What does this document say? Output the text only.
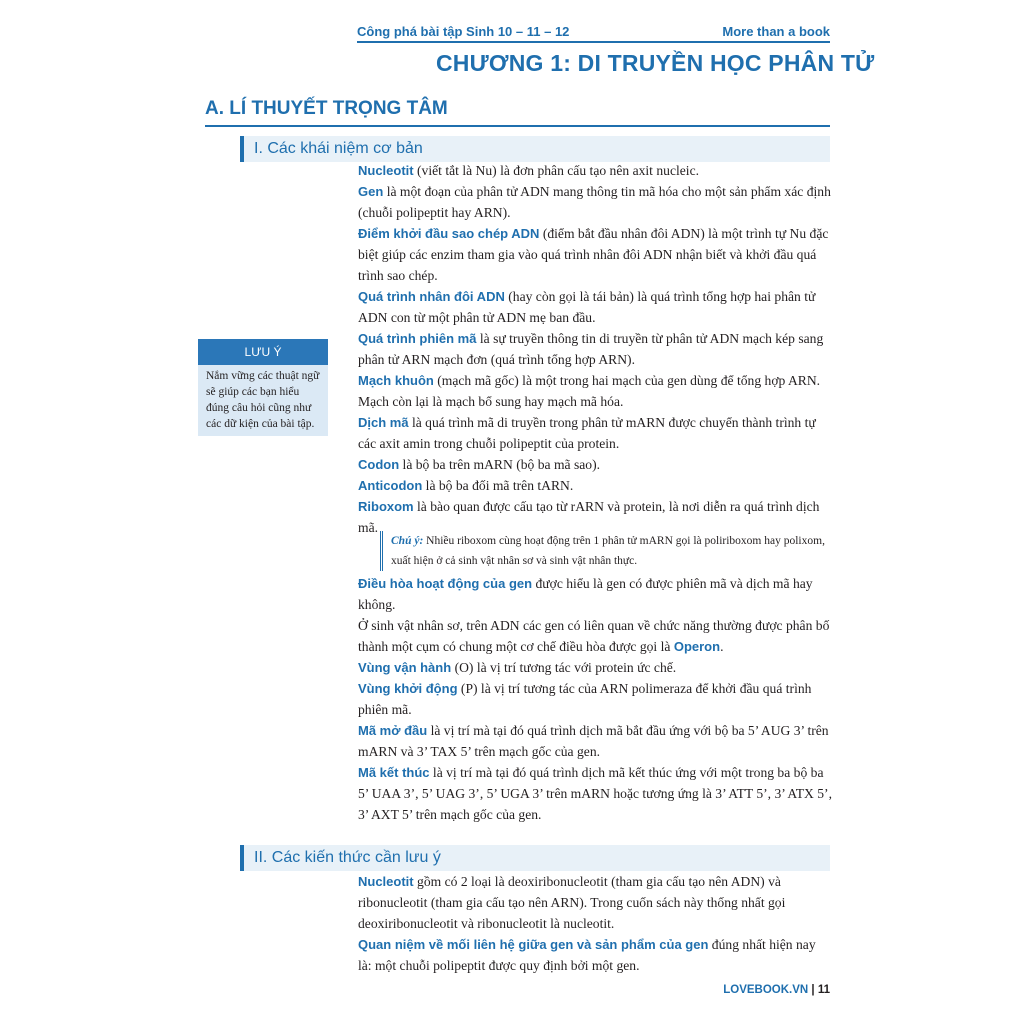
Công phá bài tập Sinh 10 – 11 – 12	More than a book
CHƯƠNG 1: DI TRUYỀN HỌC PHÂN TỬ
A. LÍ THUYẾT TRỌNG TÂM
I. Các khái niệm cơ bản
LƯU Ý
Nắm vững các thuật ngữ sẽ giúp các bạn hiểu đúng câu hỏi cũng như các dữ kiện của bài tập.

Nucleotit (viết tắt là Nu) là đơn phân cấu tạo nên axit nucleic.

Gen là một đoạn của phân tử ADN mang thông tin mã hóa cho một sản phẩm xác định (chuỗi polipeptit hay ARN).

Điểm khởi đầu sao chép ADN (điểm bắt đầu nhân đôi ADN) là một trình tự Nu đặc biệt giúp các enzim tham gia vào quá trình nhân đôi ADN nhận biết và khởi đầu quá trình sao chép.

Quá trình nhân đôi ADN (hay còn gọi là tái bản) là quá trình tổng hợp hai phân tử ADN con từ một phân tử ADN mẹ ban đầu.

Quá trình phiên mã là sự truyền thông tin di truyền từ phân tử ADN mạch kép sang phân tử ARN mạch đơn (quá trình tổng hợp ARN).

Mạch khuôn (mạch mã gốc) là một trong hai mạch của gen dùng để tổng hợp ARN. Mạch còn lại là mạch bổ sung hay mạch mã hóa.

Dịch mã là quá trình mã di truyền trong phân tử mARN được chuyển thành trình tự các axit amin trong chuỗi polipeptit của protein.

Codon là bộ ba trên mARN (bộ ba mã sao).

Anticodon là bộ ba đối mã trên tARN.

Riboxom là bào quan được cấu tạo từ rARN và protein, là nơi diễn ra quá trình dịch mã.

Chú ý: Nhiều riboxom cùng hoạt động trên 1 phân tử mARN gọi là poliriboxom hay polixom, xuất hiện ở cả sinh vật nhân sơ và sinh vật nhân thực.

Điều hòa hoạt động của gen được hiểu là gen có được phiên mã và dịch mã hay không.

Ở sinh vật nhân sơ, trên ADN các gen có liên quan về chức năng thường được phân bố thành một cụm có chung một cơ chế điều hòa được gọi là Operon.

Vùng vận hành (O) là vị trí tương tác với protein ức chế.

Vùng khởi động (P) là vị trí tương tác của ARN polimeraza để khởi đầu quá trình phiên mã.

Mã mở đầu là vị trí mà tại đó quá trình dịch mã bắt đầu ứng với bộ ba 5’ AUG 3’ trên mARN và 3’ TAX 5’ trên mạch gốc của gen.

Mã kết thúc là vị trí mà tại đó quá trình dịch mã kết thúc ứng với một trong ba bộ ba 5’ UAA 3’, 5’ UAG 3’, 5’ UGA 3’ trên mARN hoặc tương ứng là 3’ ATT 5’, 3’ ATX 5’, 3’ AXT 5’ trên mạch gốc của gen.

II. Các kiến thức cần lưu ý

Nucleotit gồm có 2 loại là deoxiribonucleotit (tham gia cấu tạo nên ADN) và ribonucleotit (tham gia cấu tạo nên ARN). Trong cuốn sách này thống nhất gọi deoxiribonucleotit và ribonucleotit là nucleotit.

Quan niệm về mối liên hệ giữa gen và sản phẩm của gen đúng nhất hiện nay là: một chuỗi polipeptit được quy định bởi một gen.

LOVEBOOK.VN | 11
